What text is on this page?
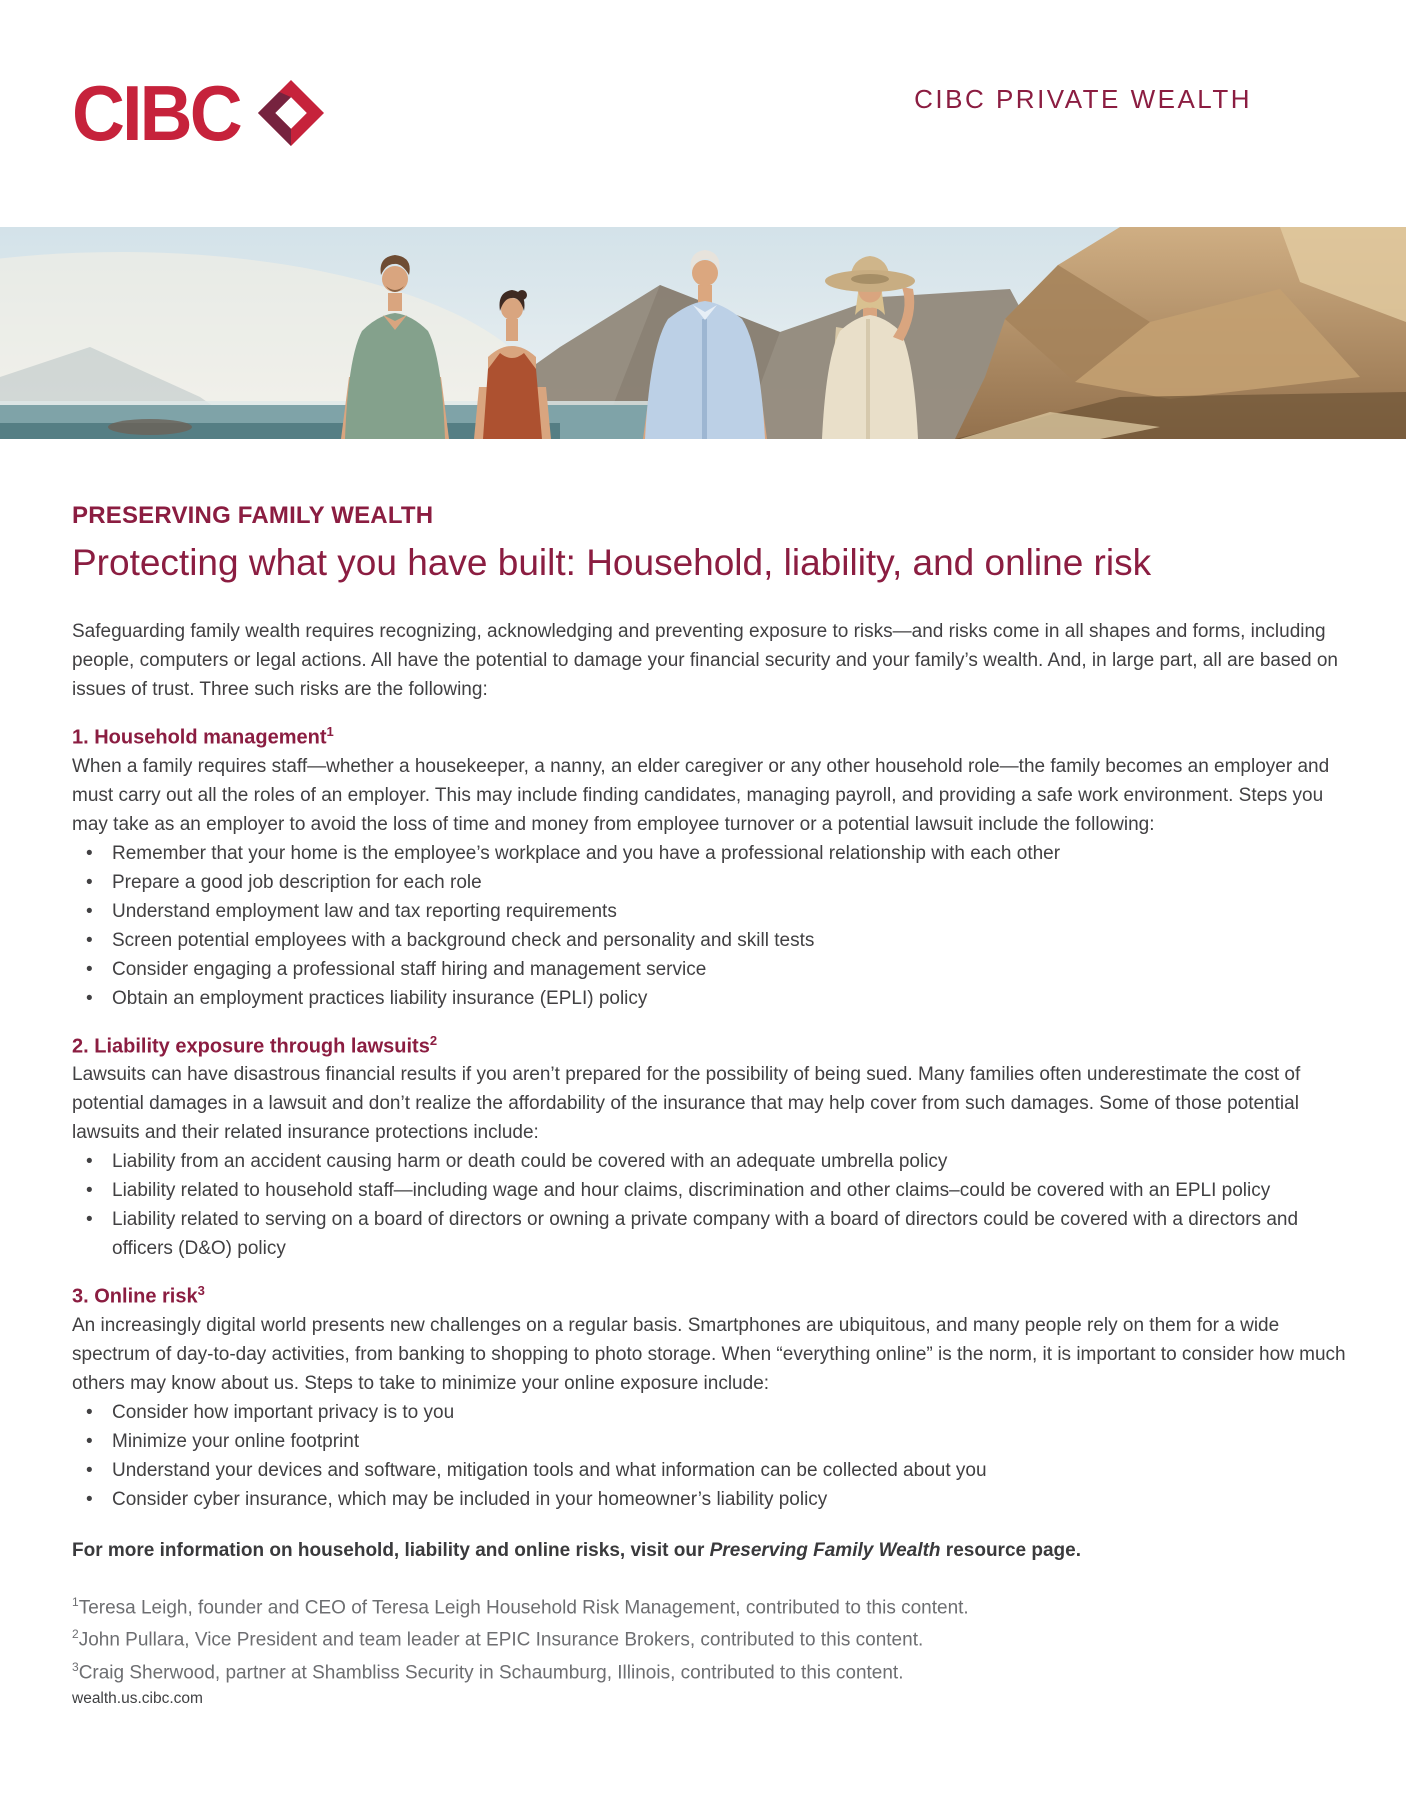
CIBC	CIBC PRIVATE WEALTH
PRESERVING FAMILY WEALTH
Protecting what you have built: Household, liability, and online risk

Safeguarding family wealth requires recognizing, acknowledging and preventing exposure to risks—and risks come in all shapes and forms, including people, computers or legal actions. All have the potential to damage your financial security and your family’s wealth. And, in large part, all are based on issues of trust. Three such risks are the following:

1. Household management$^1$

When a family requires staff—whether a housekeeper, a nanny, an elder caregiver or any other household role—the family becomes an employer and must carry out all the roles of an employer. This may include finding candidates, managing payroll, and providing a safe work environment. Steps you may take as an employer to avoid the loss of time and money from employee turnover or a potential lawsuit include the following:

• Remember that your home is the employee’s workplace and you have a professional relationship with each other
• Prepare a good job description for each role
• Understand employment law and tax reporting requirements
• Screen potential employees with a background check and personality and skill tests
• Consider engaging a professional staff hiring and management service
• Obtain an employment practices liability insurance (EPLI) policy
2. Liability exposure through lawsuits$^2$

Lawsuits can have disastrous financial results if you aren’t prepared for the possibility of being sued. Many families often underestimate the cost of potential damages in a lawsuit and don’t realize the affordability of the insurance that may help cover from such damages. Some of those potential lawsuits and their related insurance protections include:

• Liability from an accident causing harm or death could be covered with an adequate umbrella policy
• Liability related to household staff—including wage and hour claims, discrimination and other claims–could be covered with an EPLI policy
• Liability related to serving on a board of directors or owning a private company with a board of directors could be covered with a directors and officers (D&O) policy
3. Online risk$^3$

An increasingly digital world presents new challenges on a regular basis. Smartphones are ubiquitous, and many people rely on them for a wide spectrum of day-to-day activities, from banking to shopping to photo storage. When “everything online” is the norm, it is important to consider how much others may know about us. Steps to take to minimize your online exposure include:

• Consider how important privacy is to you
• Minimize your online footprint
• Understand your devices and software, mitigation tools and what information can be collected about you
• Consider cyber insurance, which may be included in your homeowner’s liability policy

For more information on household, liability and online risks, visit our Preserving Family Wealth resource page.

$^1$Teresa Leigh, founder and CEO of Teresa Leigh Household Risk Management, contributed to this content.

$^2$John Pullara, Vice President and team leader at EPIC Insurance Brokers, contributed to this content.

$^3$Craig Sherwood, partner at Shambliss Security in Schaumburg, Illinois, contributed to this content.

wealth.us.cibc.com
